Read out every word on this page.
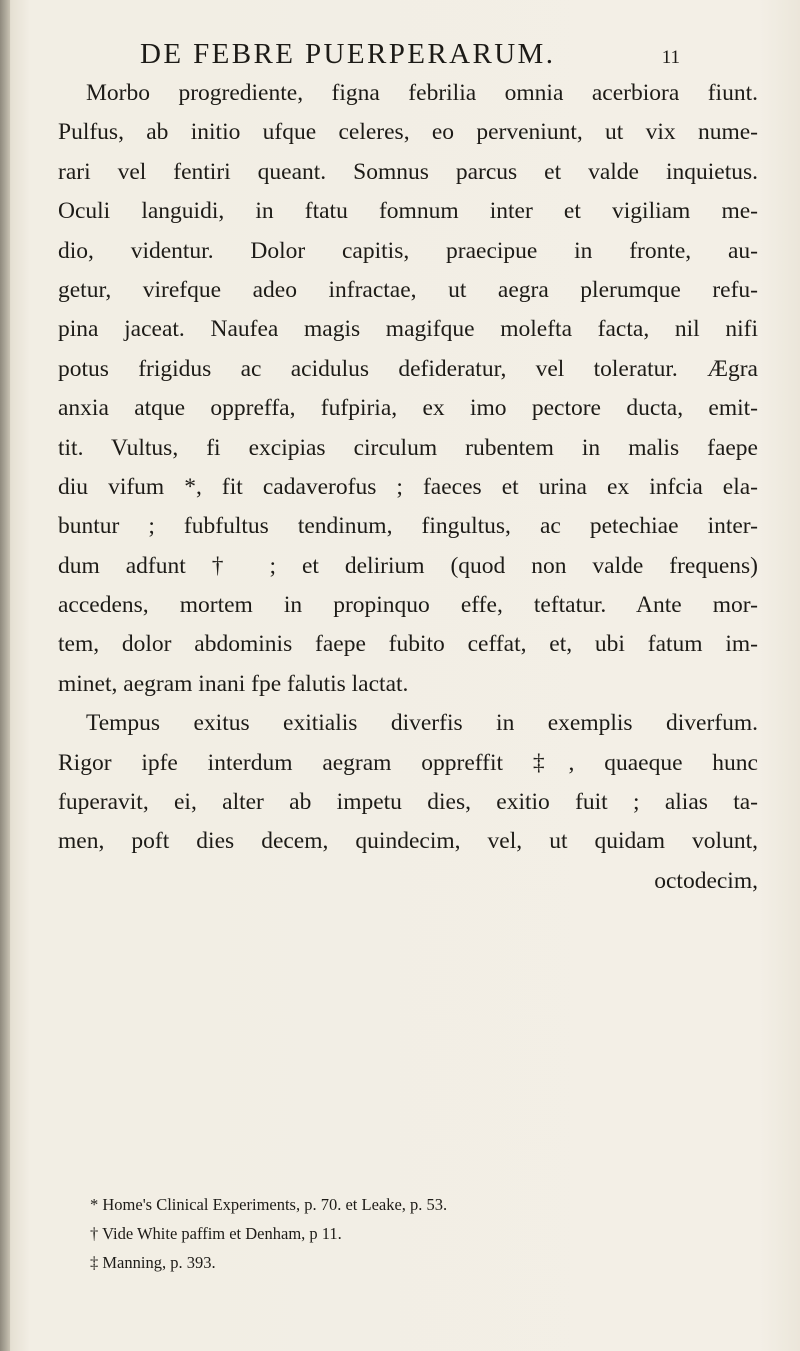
DE FEBRE PUERPERARUM.	11
Morbo progrediente, figna febrilia omnia acerbiora fiunt.
Pulfus, ab initio ufque celeres, eo perveniunt, ut vix nume-
rari vel fentiri queant. Somnus parcus et valde inquietus.
Oculi languidi, in ftatu fomnum inter et vigiliam me-
dio, videntur. Dolor capitis, praecipue in fronte, au-
getur, virefque adeo infractae, ut aegra plerumque refu-
pina jaceat. Naufea magis magifque molefta facta, nil nifi
potus frigidus ac acidulus defideratur, vel toleratur. Ægra
anxia atque oppreffa, fufpiria, ex imo pectore ducta, emit-
tit. Vultus, fi excipias circulum rubentem in malis faepe
diu vifum *, fit cadaverofus ; faeces et urina ex infcia ela-
buntur ; fubfultus tendinum, fingultus, ac petechiae inter-
dum adfunt † ; et delirium (quod non valde frequens)
accedens, mortem in propinquo effe, teftatur. Ante mor-
tem, dolor abdominis faepe fubito ceffat, et, ubi fatum im-
minet, aegram inani fpe falutis lactat.
Tempus exitus exitialis diverfis in exemplis diverfum.
Rigor ipfe interdum aegram oppreffit ‡, quaeque hunc
fuperavit, ei, alter ab impetu dies, exitio fuit ; alias ta-
men, poft dies decem, quindecim, vel, ut quidam volunt,
octodecim,
* Home's Clinical Experiments, p. 70. et Leake, p. 53.
† Vide White paffim et Denham, p 11.
‡ Manning, p. 393.
